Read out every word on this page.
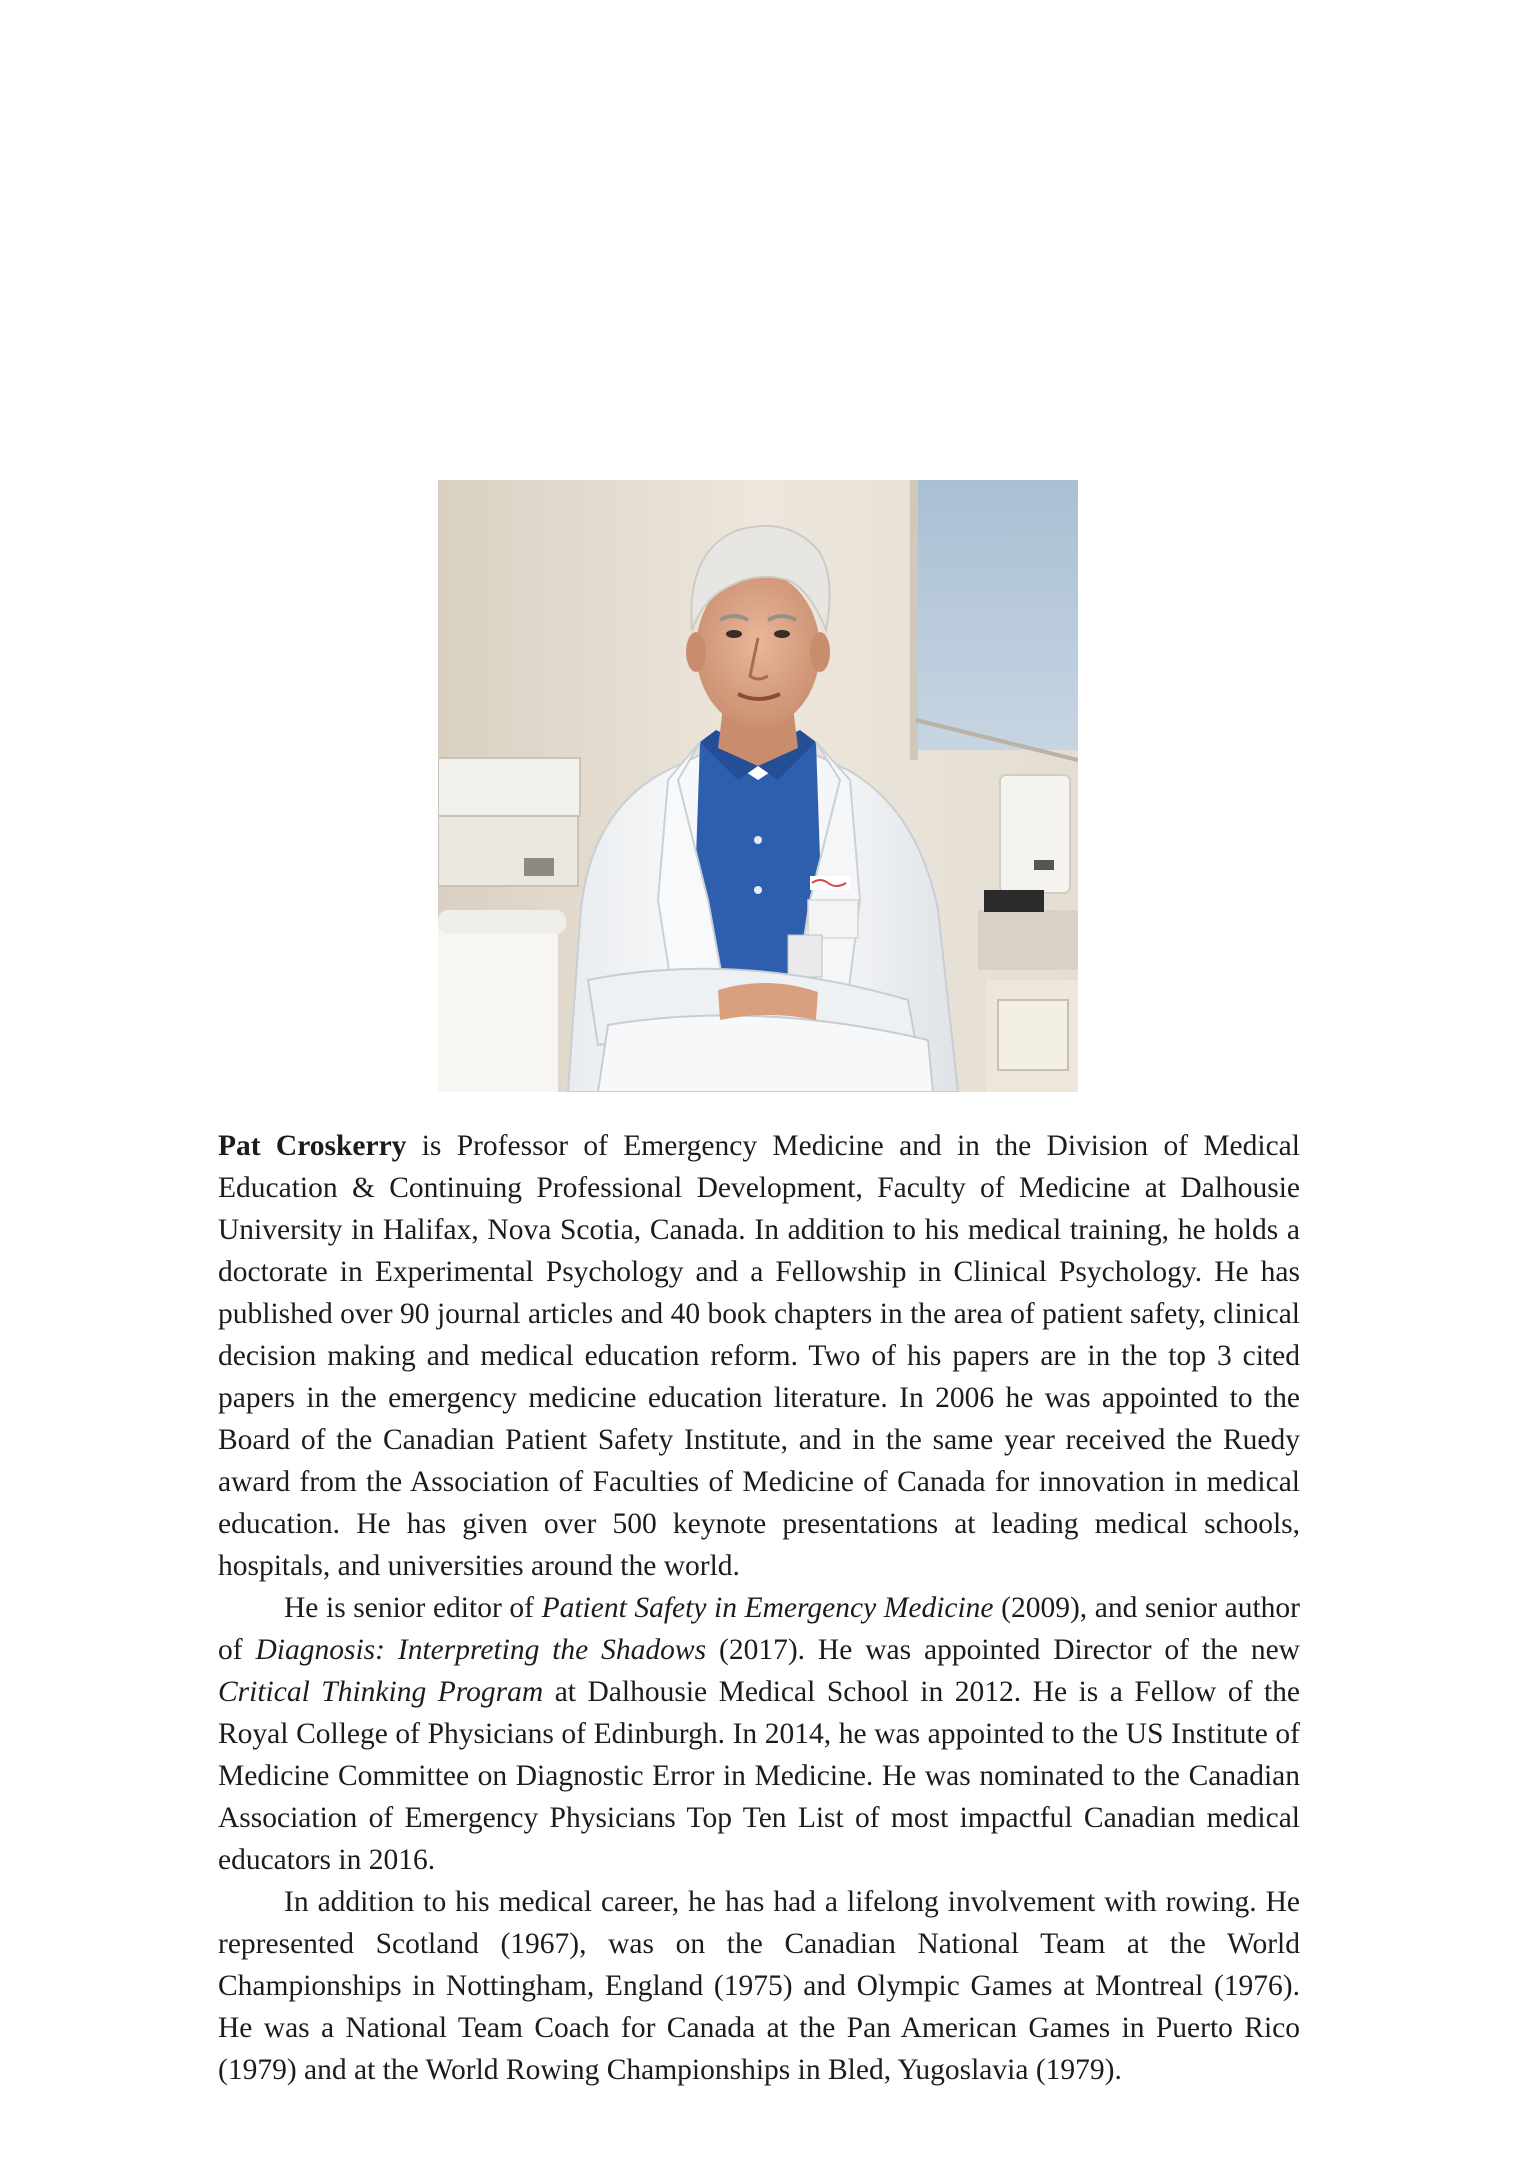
Pat Croskerry is Professor of Emergency Medicine and in the Division of Medical Education & Continuing Professional Development, Faculty of Medicine at Dalhousie University in Halifax, Nova Scotia, Canada. In addition to his medical training, he holds a doctorate in Experimental Psychology and a Fellowship in Clinical Psychology. He has published over 90 journal articles and 40 book chapters in the area of patient safety, clinical decision making and medical education reform. Two of his papers are in the top 3 cited papers in the emergency medicine education literature. In 2006 he was appointed to the Board of the Canadian Patient Safety Institute, and in the same year received the Ruedy award from the Association of Faculties of Medicine of Canada for innovation in medical education. He has given over 500 keynote presentations at leading medical schools, hospitals, and universities around the world.

He is senior editor of Patient Safety in Emergency Medicine (2009), and senior author of Diagnosis: Interpreting the Shadows (2017). He was appointed Director of the new Critical Thinking Program at Dalhousie Medical School in 2012. He is a Fellow of the Royal College of Physicians of Edinburgh. In 2014, he was appointed to the US Institute of Medicine Committee on Diagnostic Error in Medicine. He was nominated to the Canadian Association of Emergency Physicians Top Ten List of most impactful Canadian medical educators in 2016.

In addition to his medical career, he has had a lifelong involvement with rowing. He represented Scotland (1967), was on the Canadian National Team at the World Championships in Nottingham, England (1975) and Olympic Games at Montreal (1976). He was a National Team Coach for Canada at the Pan American Games in Puerto Rico (1979) and at the World Rowing Championships in Bled, Yugoslavia (1979).
